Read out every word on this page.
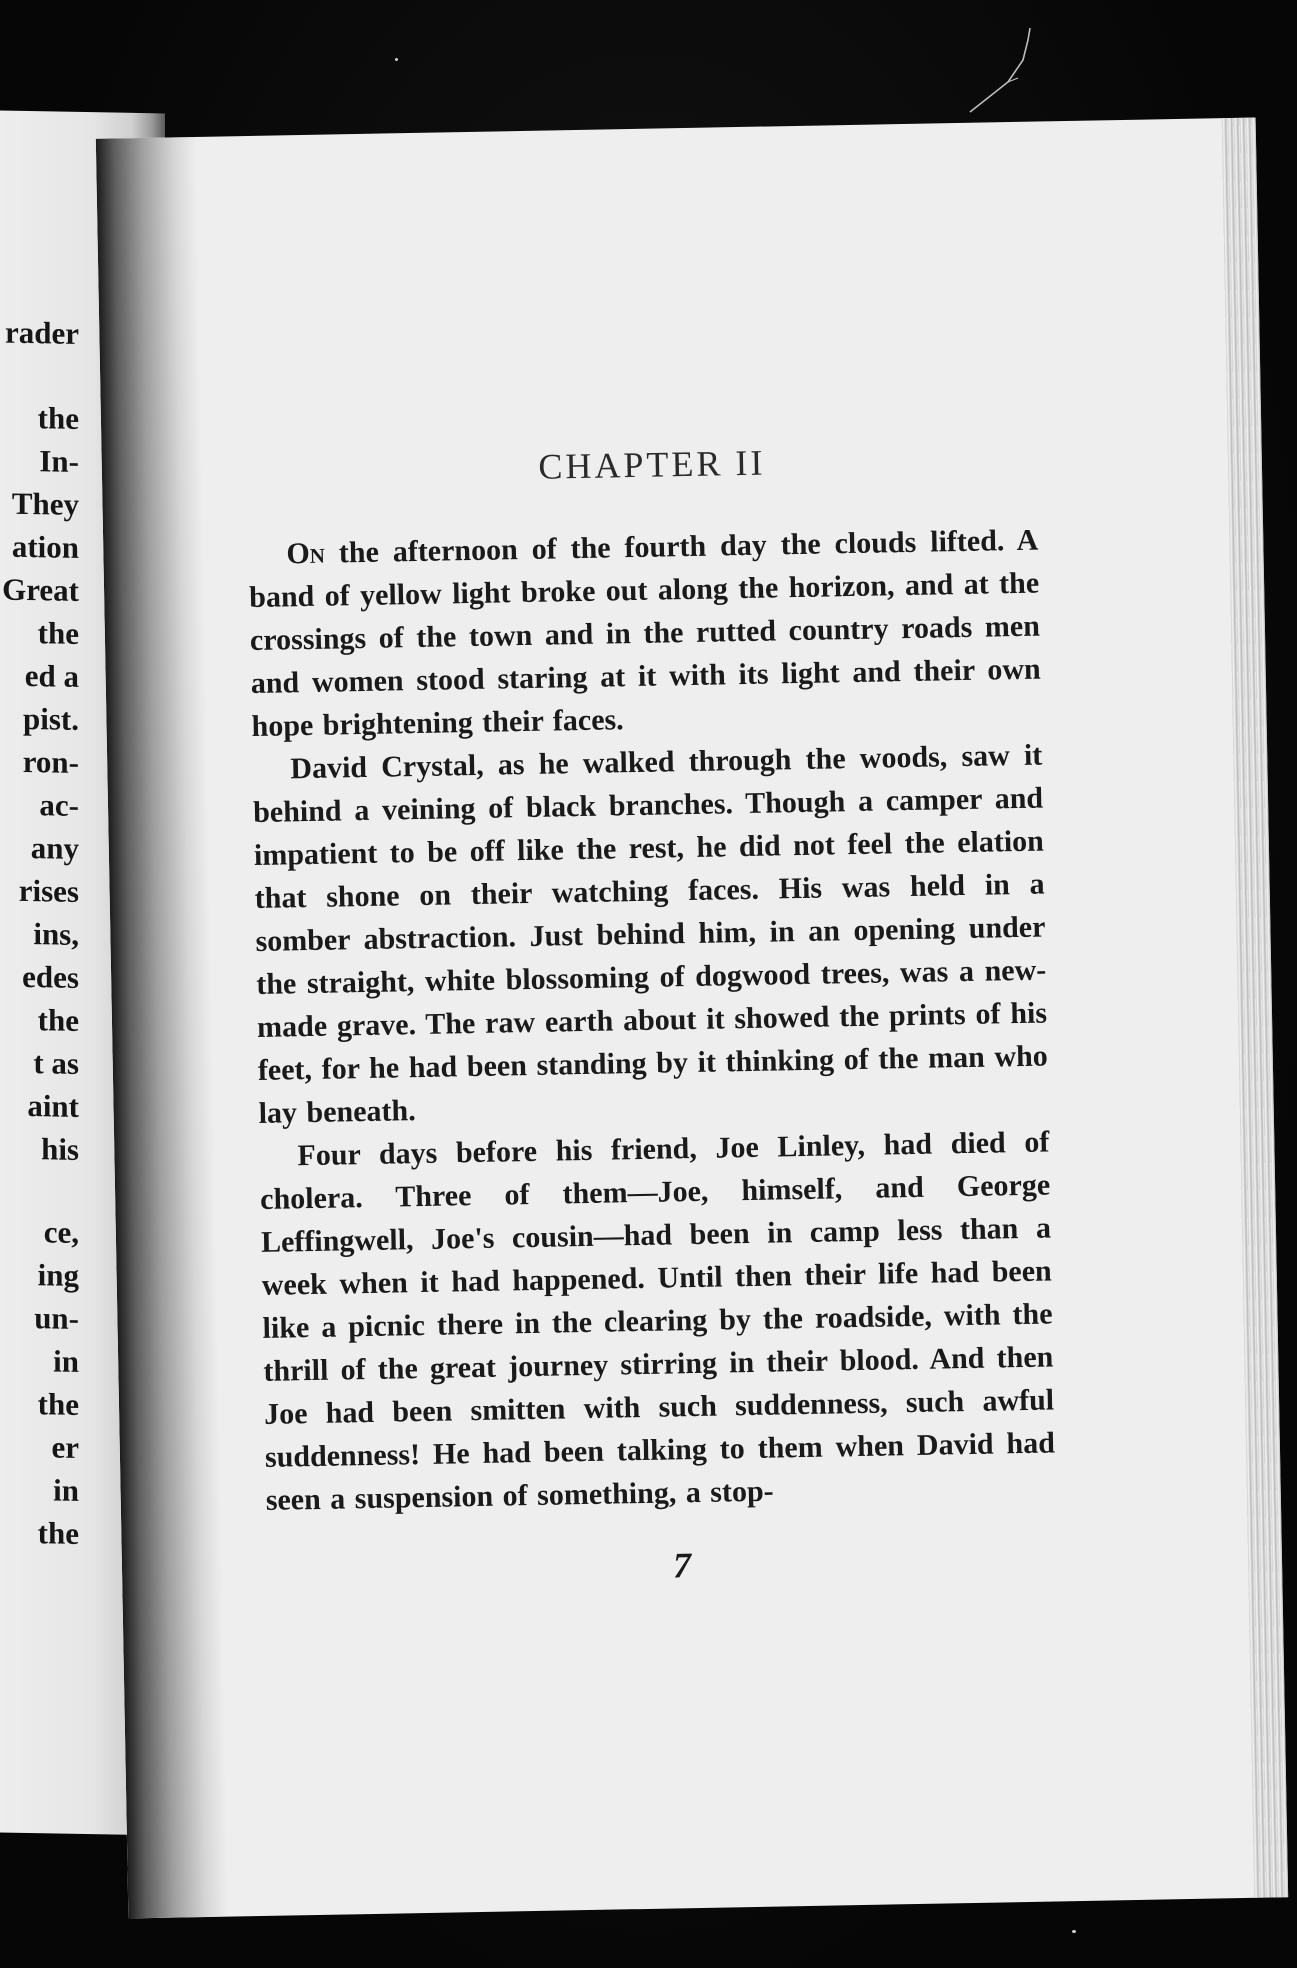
rader
the
In-
They
ation
Great
the
ed a
pist.
ron-
ac-
any
rises
ins,
edes
the
t as
aint
his
ce,
ing
un-
in
the
er
in
the
CHAPTER II

On the afternoon of the fourth day the clouds lifted. A band of yellow light broke out along the horizon, and at the crossings of the town and in the rutted country roads men and women stood staring at it with its light and their own hope brightening their faces.

David Crystal, as he walked through the woods, saw it behind a veining of black branches. Though a camper and impatient to be off like the rest, he did not feel the elation that shone on their watching faces. His was held in a somber abstraction. Just behind him, in an opening under the straight, white blossoming of dogwood trees, was a new-made grave. The raw earth about it showed the prints of his feet, for he had been standing by it thinking of the man who lay beneath.

Four days before his friend, Joe Linley, had died of cholera. Three of them—Joe, himself, and George Leffingwell, Joe's cousin—had been in camp less than a week when it had happened. Until then their life had been like a picnic there in the clearing by the roadside, with the thrill of the great journey stirring in their blood. And then Joe had been smitten with such suddenness, such awful suddenness! He had been talking to them when David had seen a suspension of something, a stop-

7
